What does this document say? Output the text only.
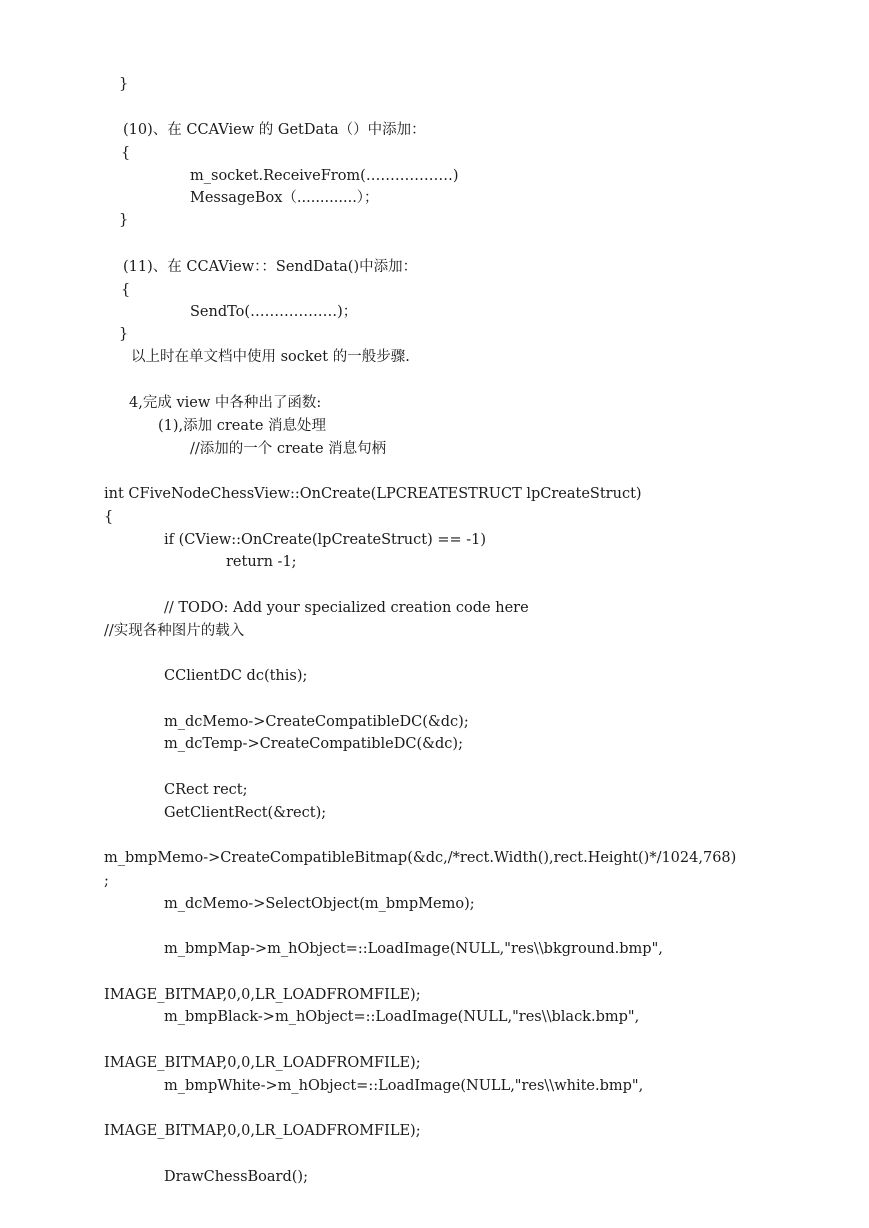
}
(10)、在 CCAView 的 GetData（）中添加：
{
m_socket.ReceiveFrom(………………)
MessageBox（.............）；
}
(11)、在 CCAView：：SendData()中添加：
{
SendTo(………………)；
}
以上时在单文档中使用 socket 的一般步骤.
4,完成 view 中各种出了函数:
(1),添加 create 消息处理
//添加的一个 create 消息句柄
int CFiveNodeChessView::OnCreate(LPCREATESTRUCT lpCreateStruct)
{
if (CView::OnCreate(lpCreateStruct) == -1)
return -1;
// TODO: Add your specialized creation code here
//实现各种图片的载入
CClientDC dc(this);
m_dcMemo->CreateCompatibleDC(&dc);
m_dcTemp->CreateCompatibleDC(&dc);
CRect rect;
GetClientRect(&rect);
m_bmpMemo->CreateCompatibleBitmap(&dc,/*rect.Width(),rect.Height()*/1024,768)
;
m_dcMemo->SelectObject(m_bmpMemo);
m_bmpMap->m_hObject=::LoadImage(NULL,"res\\bkground.bmp",
IMAGE_BITMAP,0,0,LR_LOADFROMFILE);
m_bmpBlack->m_hObject=::LoadImage(NULL,"res\\black.bmp",
IMAGE_BITMAP,0,0,LR_LOADFROMFILE);
m_bmpWhite->m_hObject=::LoadImage(NULL,"res\\white.bmp",
IMAGE_BITMAP,0,0,LR_LOADFROMFILE);
DrawChessBoard();
